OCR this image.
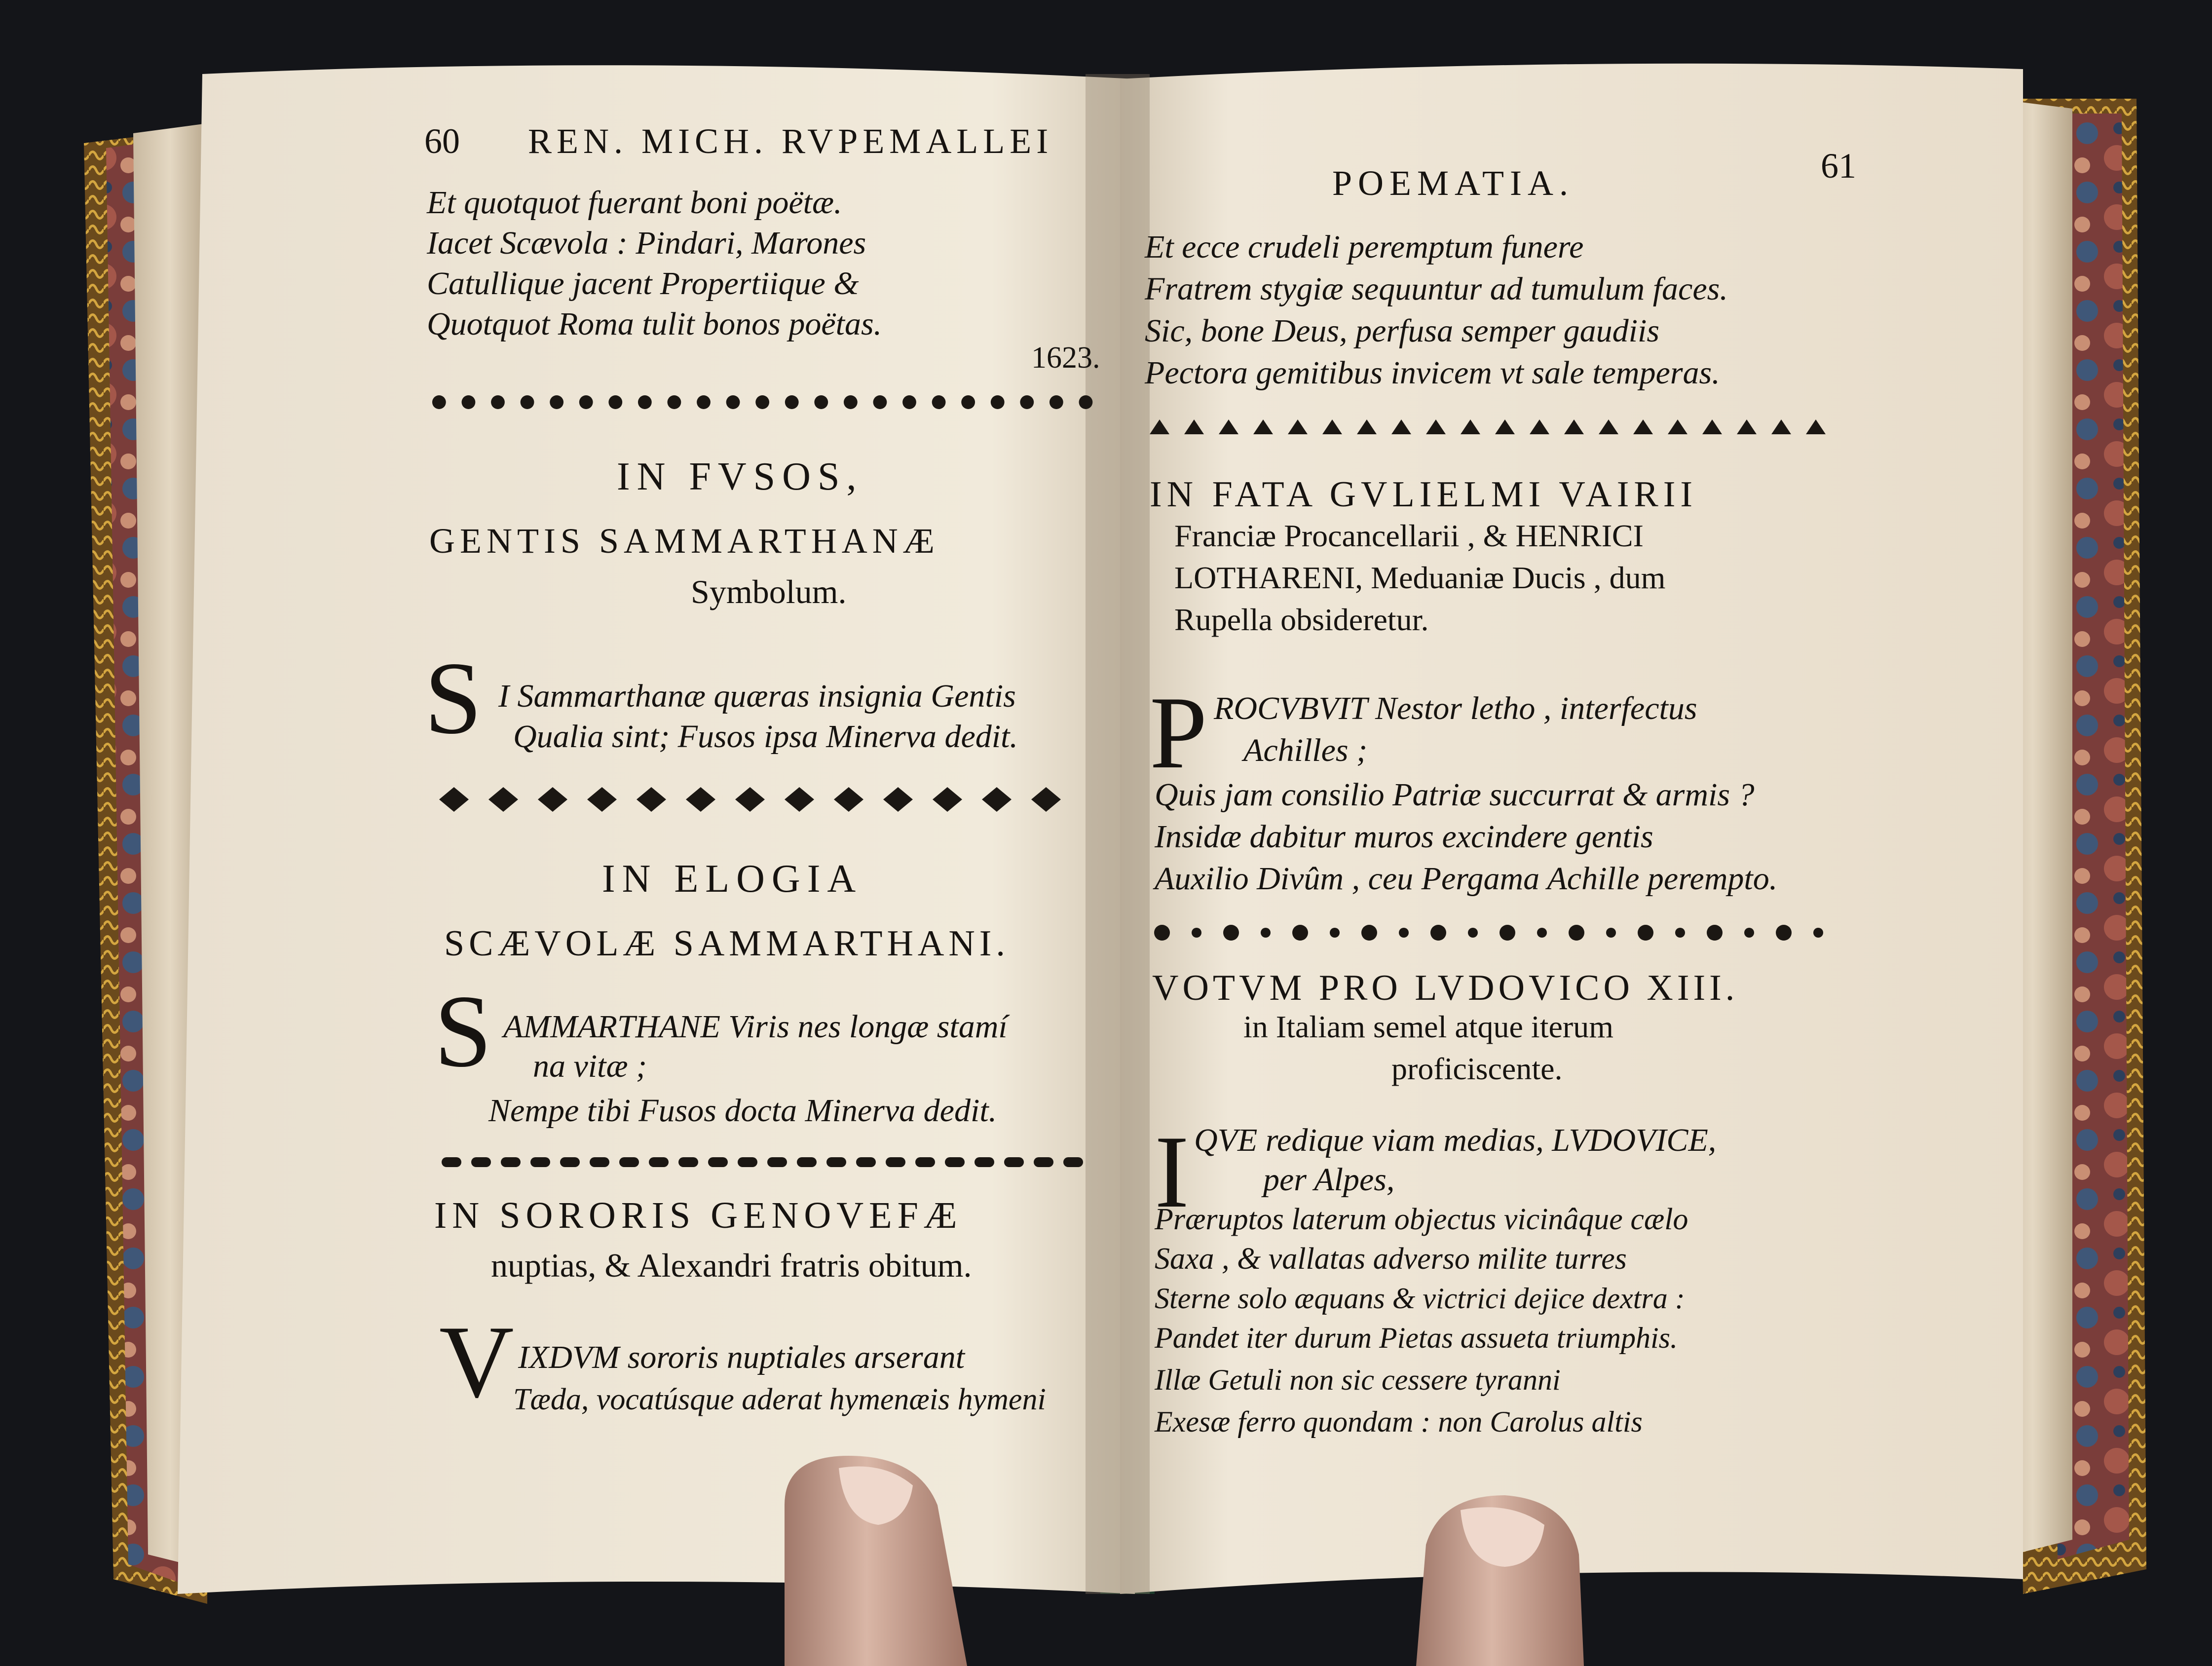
60 REN. MICH. RVPEMALLEI
Et quotquot fuerant boni poëtæ.
Iacet Scævola : Pindari, Marones
Catullique jacent Propertiique &
Quotquot Roma tulit bonos poëtas.
1623.
IN FVSOS,
GENTIS SAMMARTHANÆ
Symbolum.
S I Sammarthanæ quæras insignia Gentis
Qualia sint; Fusos ipsa Minerva dedit.
IN ELOGIA
SCÆVOLÆ SAMMARTHANI.
S AMMARTHANE Viris nes longæ stamí
na vitæ ;
Nempe tibi Fusos docta Minerva dedit.
IN SORORIS GENOVEFÆ
nuptias, & Alexandri fratris obitum.
V IXDVM sororis nuptiales arserant
Tæda, vocatúsque aderat hymenæis hymeni
POEMATIA.	61
Et ecce crudeli peremptum funere
Fratrem stygiæ sequuntur ad tumulum faces.
Sic, bone Deus, perfusa semper gaudiis
Pectora gemitibus invicem vt sale temperas.
IN FATA GVLIELMI VAIRII
Franciæ Procancellarii , & HENRICI
LOTHARENI, Meduaniæ Ducis , dum
Rupella obsideretur.
P ROCVBVIT Nestor letho , interfectus
Achilles ;
Quis jam consilio Patriæ succurrat & armis ?
Insidæ dabitur muros excindere gentis
Auxilio Divûm , ceu Pergama Achille perempto.
VOTVM PRO LVDOVICO XIII.
in Italiam semel atque iterum
proficiscente.
I QVE redique viam medias, LVDOVICE,
per Alpes,
Præruptos laterum objectus vicinâque cælo
Saxa , & vallatas adverso milite turres
Sterne solo æquans & victrici dejice dextra :
Pandet iter durum Pietas assueta triumphis.
Illæ Getuli non sic cessere tyranni
Exesæ ferro quondam : non Carolus altis
